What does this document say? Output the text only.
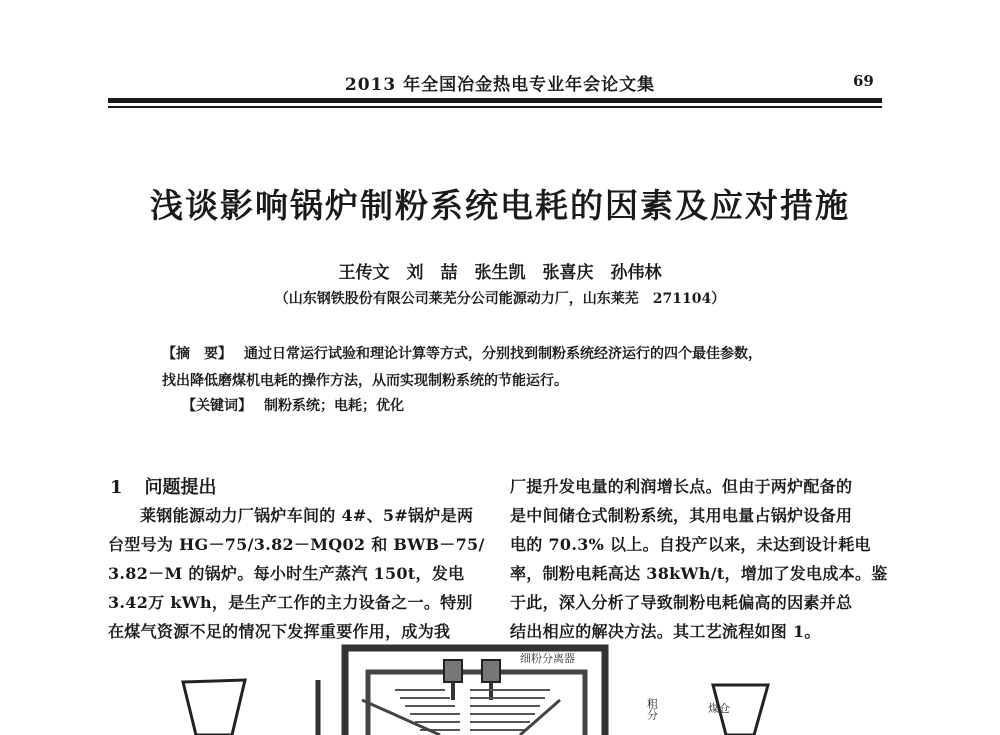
2013 年全国冶金热电专业年会论文集	69
浅谈影响锅炉制粉系统电耗的因素及应对措施
王传文　刘　喆　张生凯　张喜庆　孙伟林
（山东钢铁股份有限公司莱芜分公司能源动力厂，山东莱芜　271104）
【摘　要】 通过日常运行试验和理论计算等方式，分别找到制粉系统经济运行的四个最佳参数，
找出降低磨煤机电耗的操作方法，从而实现制粉系统的节能运行。
【关键词】 制粉系统；电耗；优化
1 问题提出
莱钢能源动力厂锅炉车间的 4#、5#锅炉是两
台型号为 HG－75/3.82－MQ02 和 BWB－75/
3.82－M 的锅炉。每小时生产蒸汽 150t，发电
3.42万 kWh，是生产工作的主力设备之一。特别
在煤气资源不足的情况下发挥重要作用，成为我
厂提升发电量的利润增长点。但由于两炉配备的
是中间储仓式制粉系统，其用电量占锅炉设备用
电的 70.3% 以上。自投产以来，未达到设计耗电
率，制粉电耗高达 38kWh/t，增加了发电成本。鉴
于此，深入分析了导致制粉电耗偏高的因素并总
结出相应的解决方法。其工艺流程如图 1。
细粉分离器
粗分	煤仓
